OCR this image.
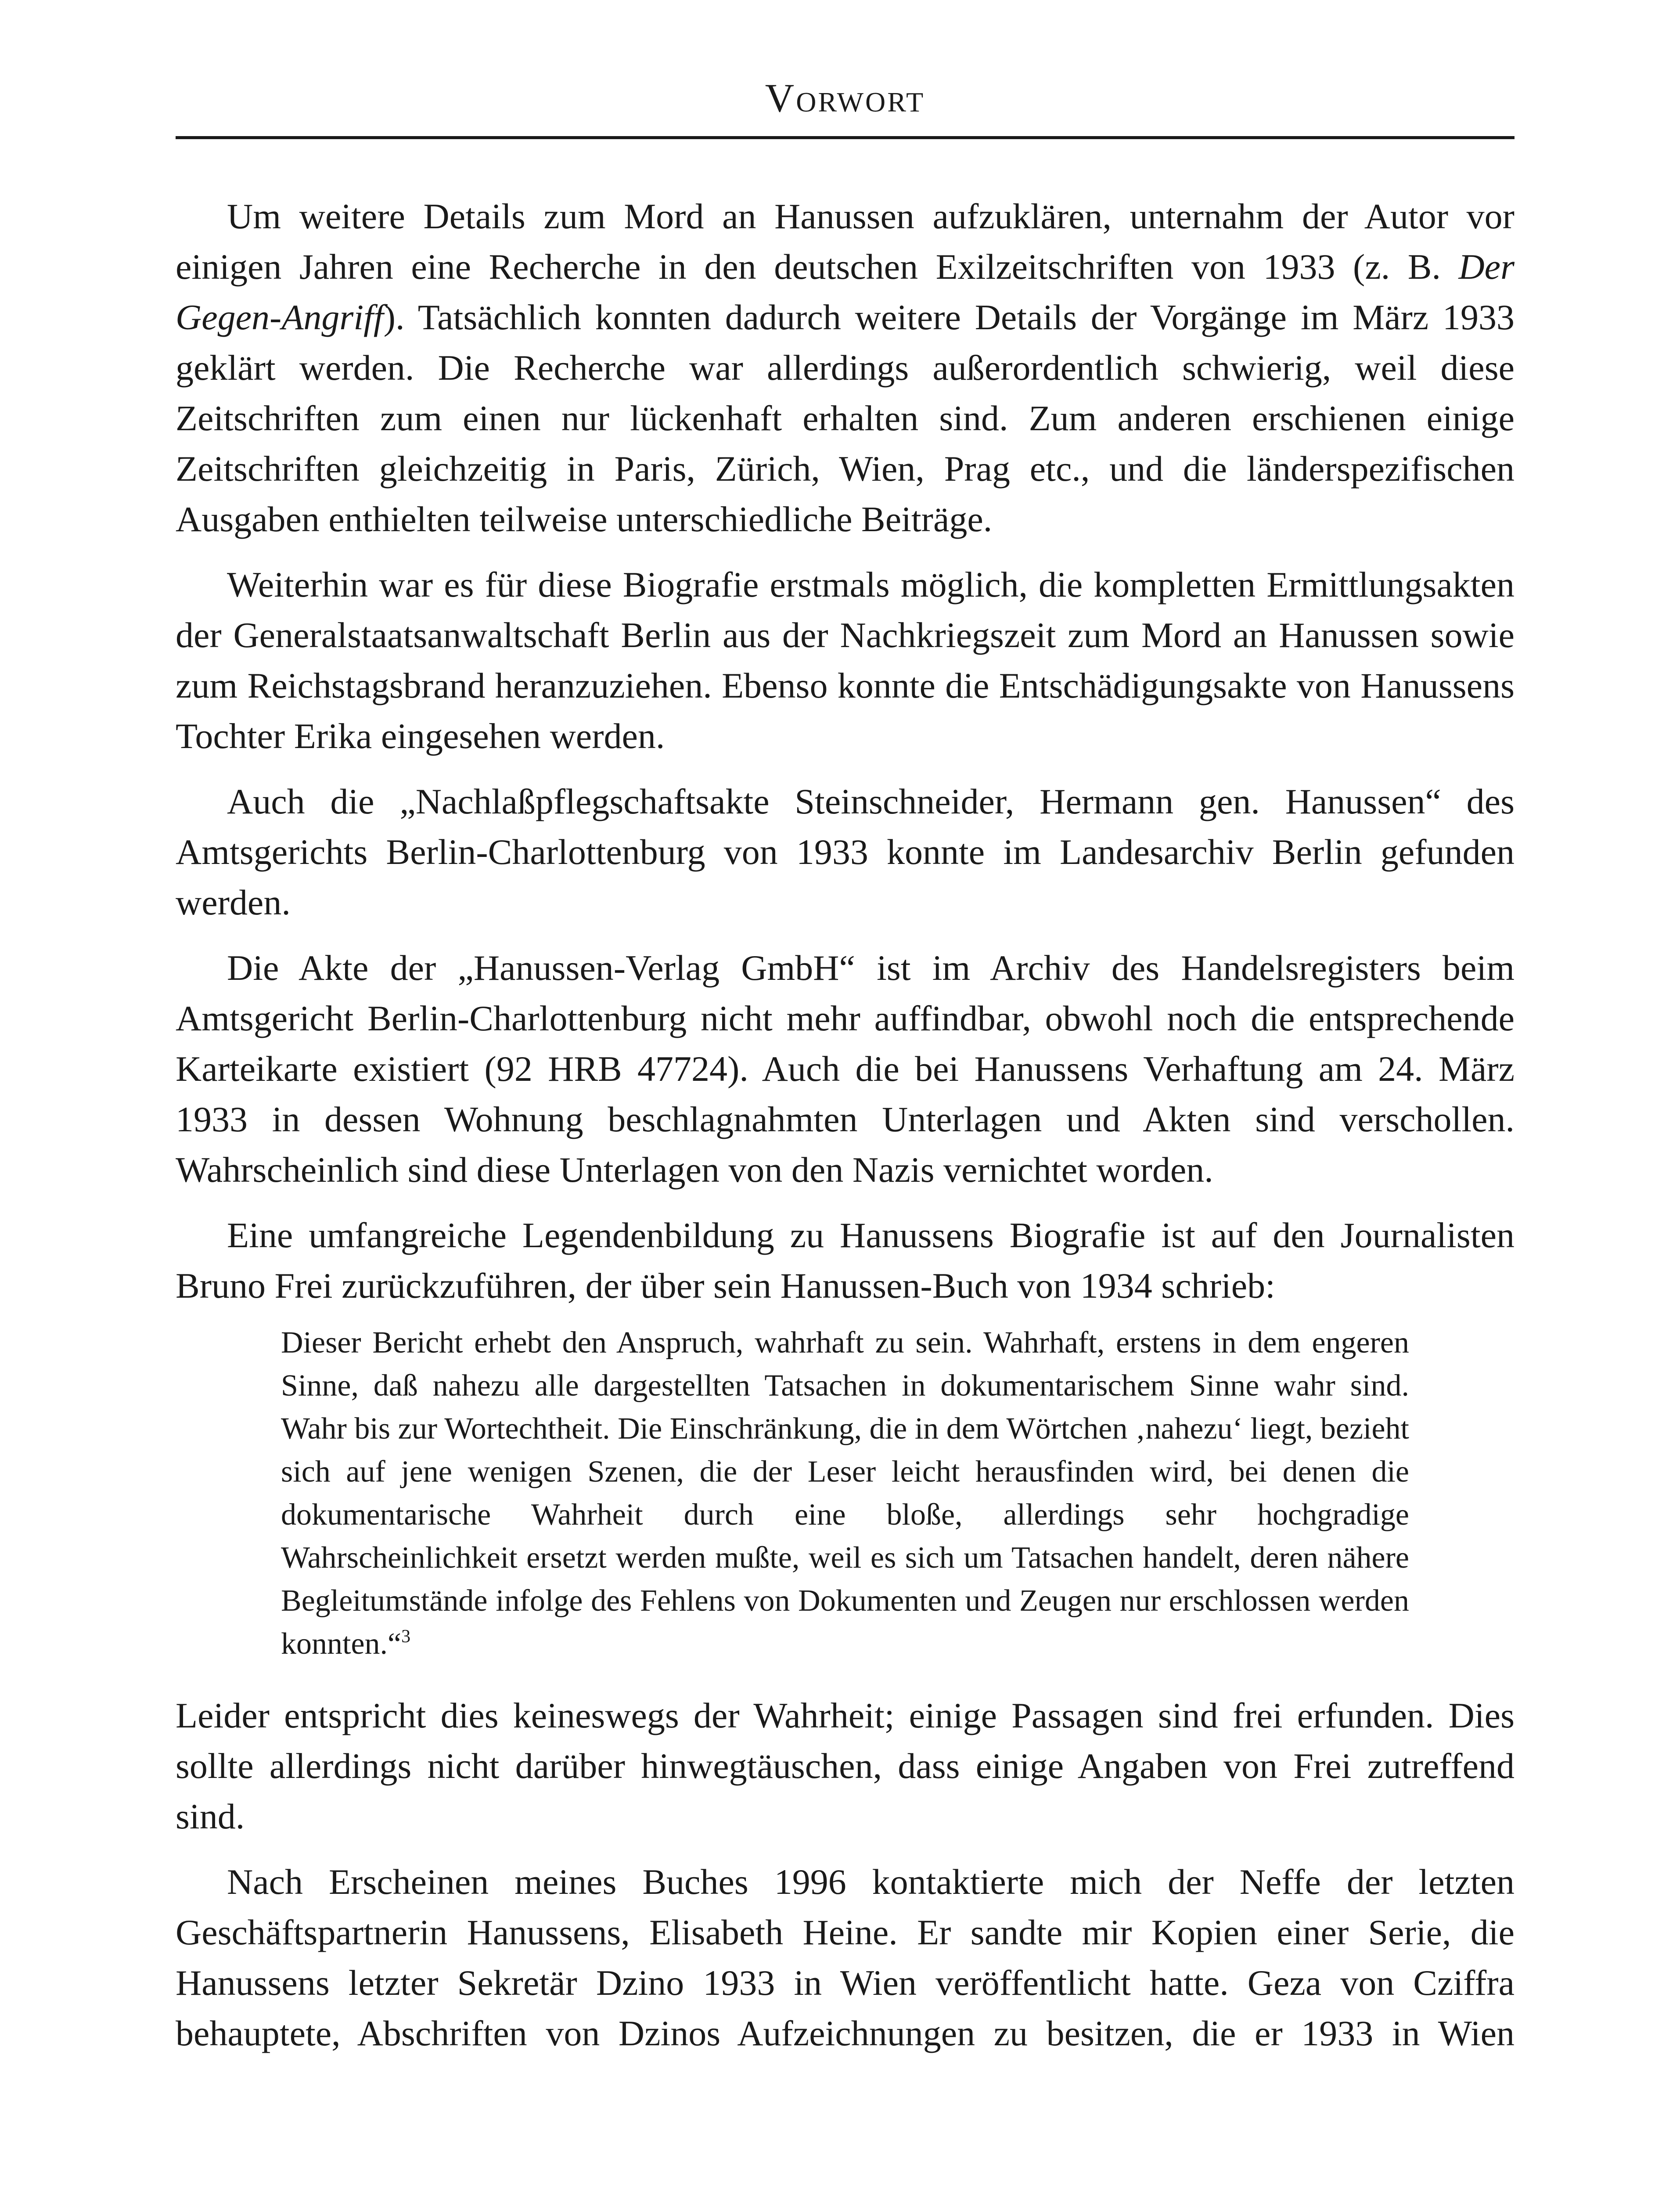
Vorwort

Um weitere Details zum Mord an Hanussen aufzuklären, unternahm der Autor vor einigen Jahren eine Recherche in den deutschen Exilzeitschriften von 1933 (z. B. Der Gegen-Angriff). Tatsächlich konnten dadurch weitere Details der Vorgänge im März 1933 geklärt werden. Die Recherche war allerdings außerordentlich schwierig, weil diese Zeitschriften zum einen nur lückenhaft erhalten sind. Zum anderen erschienen einige Zeitschriften gleichzeitig in Paris, Zürich, Wien, Prag etc., und die länderspezifischen Ausgaben enthielten teilweise unterschiedliche Beiträge.

Weiterhin war es für diese Biografie erstmals möglich, die kompletten Ermittlungsakten der Generalstaatsanwaltschaft Berlin aus der Nachkriegszeit zum Mord an Hanussen sowie zum Reichstagsbrand heranzuziehen. Ebenso konnte die Entschädigungsakte von Hanussens Tochter Erika eingesehen werden.

Auch die „Nachlaßpflegschaftsakte Steinschneider, Hermann gen. Hanussen“ des Amtsgerichts Berlin-Charlottenburg von 1933 konnte im Landesarchiv Berlin gefunden werden.

Die Akte der „Hanussen-Verlag GmbH“ ist im Archiv des Handelsregisters beim Amtsgericht Berlin-Charlottenburg nicht mehr auffindbar, obwohl noch die entsprechende Karteikarte existiert (92 HRB 47724). Auch die bei Hanussens Verhaftung am 24. März 1933 in dessen Wohnung beschlagnahmten Unterlagen und Akten sind verschollen. Wahrscheinlich sind diese Unterlagen von den Nazis vernichtet worden.

Eine umfangreiche Legendenbildung zu Hanussens Biografie ist auf den Journalisten Bruno Frei zurückzuführen, der über sein Hanussen-Buch von 1934 schrieb:

Dieser Bericht erhebt den Anspruch, wahrhaft zu sein. Wahrhaft, erstens in dem engeren Sinne, daß nahezu alle dargestellten Tatsachen in dokumentarischem Sinne wahr sind. Wahr bis zur Wortechtheit. Die Einschränkung, die in dem Wörtchen ‚nahezu‘ liegt, bezieht sich auf jene wenigen Szenen, die der Leser leicht herausfinden wird, bei denen die dokumentarische Wahrheit durch eine bloße, allerdings sehr hochgradige Wahrscheinlichkeit ersetzt werden mußte, weil es sich um Tatsachen handelt, deren nähere Begleitumstände infolge des Fehlens von Dokumenten und Zeugen nur erschlossen werden konnten.“$^3$

Leider entspricht dies keineswegs der Wahrheit; einige Passagen sind frei erfunden. Dies sollte allerdings nicht darüber hinwegtäuschen, dass einige Angaben von Frei zutreffend sind.

Nach Erscheinen meines Buches 1996 kontaktierte mich der Neffe der letzten Geschäftspartnerin Hanussens, Elisabeth Heine. Er sandte mir Kopien einer Serie, die Hanussens letzter Sekretär Dzino 1933 in Wien veröffentlicht hatte. Geza von Cziffra behauptete, Abschriften von Dzinos Aufzeichnungen zu besitzen, die er 1933 in Wien
